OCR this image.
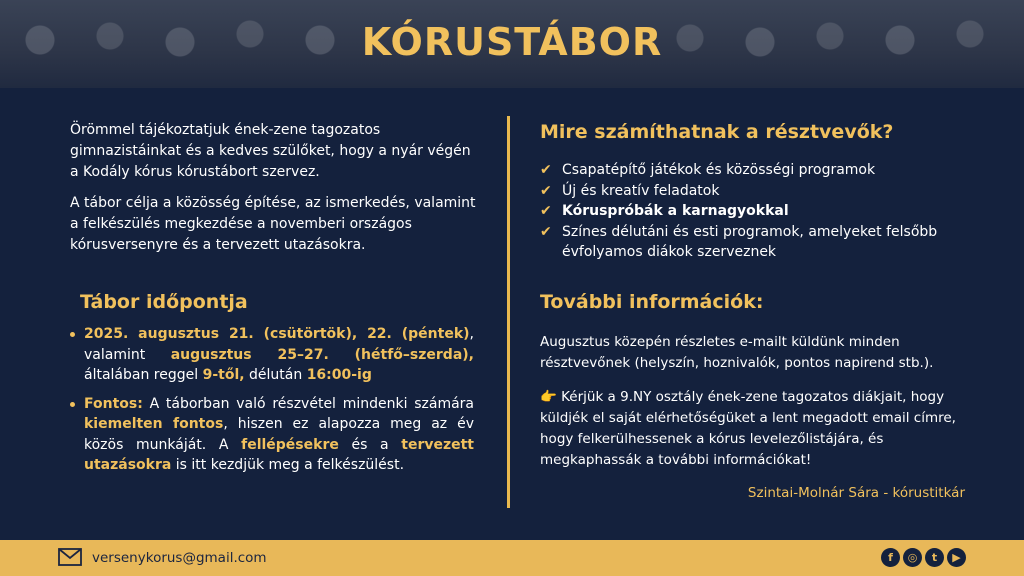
KÓRUSTÁBOR

Örömmel tájékoztatjuk ének-zene tagozatos gimnazistáinkat és a kedves szülőket, hogy a nyár végén a Kodály kórus kórustábort szervez.

A tábor célja a közösség építése, az ismerkedés, valamint a felkészülés megkezdése a novemberi országos kórusversenyre és a tervezett utazásokra.

Tábor időpontja
2025. augusztus 21. (csütörtök), 22. (péntek), valamint augusztus 25–27. (hétfő–szerda), általában reggel 9-től, délután 16:00-ig
Fontos: A táborban való részvétel mindenki számára kiemelten fontos, hiszen ez alapozza meg az év közös munkáját. A fellépésekre és a tervezett utazásokra is itt kezdjük meg a felkészülést.
Mire számíthatnak a résztvevők?
✔ Csapatépítő játékok és közösségi programok
✔ Új és kreatív feladatok
✔ Kóruspróbák a karnagyokkal
✔ Színes délutáni és esti programok, amelyeket felsőbb évfolyamos diákok szerveznek
További információk:

Augusztus közepén részletes e-mailt küldünk minden résztvevőnek (helyszín, hoznivalók, pontos napirend stb.).

👉 Kérjük a 9.NY osztály ének-zene tagozatos diákjait, hogy küldjék el saját elérhetőségüket a lent megadott email címre, hogy felkerülhessenek a kórus levelezőlistájára, és megkaphassák a további információkat!

Szintai-Molnár Sára - kórustitkár

versenykorus@gmail.com	f	◎	t	▶
